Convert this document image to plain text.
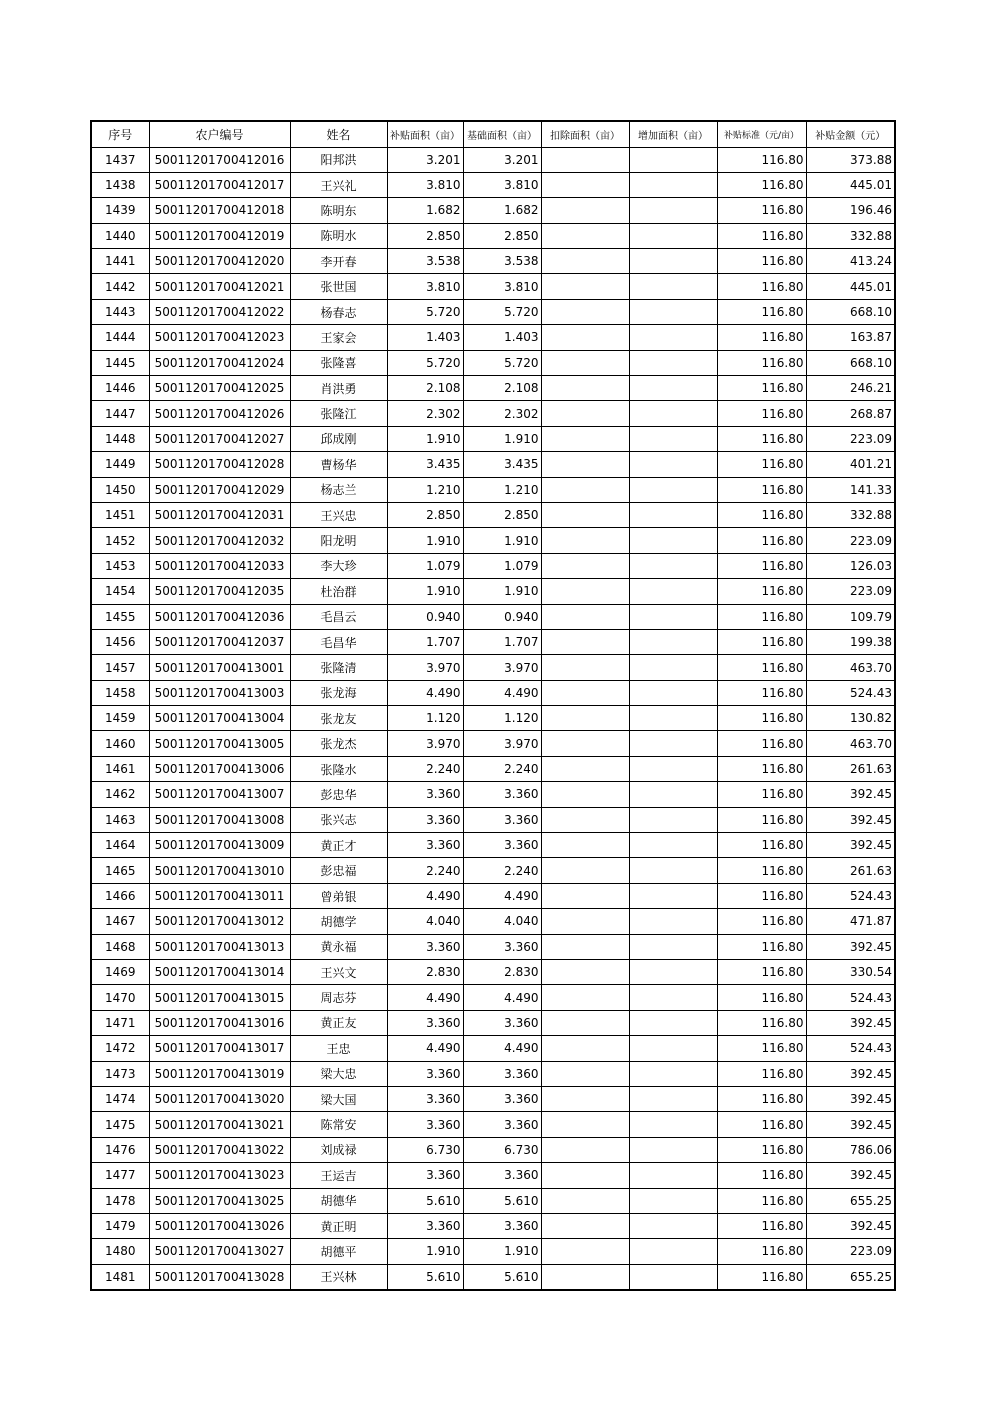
序号	农户编号	姓名	补贴面积（亩）	基础面积（亩）	扣除面积（亩）	增加面积（亩）	补贴标准（元/亩）	补贴金额（元）
1437	50011201700412016	阳邦洪	3.201	3.201			116.80	373.88
1438	50011201700412017	王兴礼	3.810	3.810			116.80	445.01
1439	50011201700412018	陈明东	1.682	1.682			116.80	196.46
1440	50011201700412019	陈明水	2.850	2.850			116.80	332.88
1441	50011201700412020	李开春	3.538	3.538			116.80	413.24
1442	50011201700412021	张世国	3.810	3.810			116.80	445.01
1443	50011201700412022	杨春志	5.720	5.720			116.80	668.10
1444	50011201700412023	王家会	1.403	1.403			116.80	163.87
1445	50011201700412024	张隆喜	5.720	5.720			116.80	668.10
1446	50011201700412025	肖洪勇	2.108	2.108			116.80	246.21
1447	50011201700412026	张隆江	2.302	2.302			116.80	268.87
1448	50011201700412027	邱成刚	1.910	1.910			116.80	223.09
1449	50011201700412028	曹杨华	3.435	3.435			116.80	401.21
1450	50011201700412029	杨志兰	1.210	1.210			116.80	141.33
1451	50011201700412031	王兴忠	2.850	2.850			116.80	332.88
1452	50011201700412032	阳龙明	1.910	1.910			116.80	223.09
1453	50011201700412033	李大珍	1.079	1.079			116.80	126.03
1454	50011201700412035	杜治群	1.910	1.910			116.80	223.09
1455	50011201700412036	毛昌云	0.940	0.940			116.80	109.79
1456	50011201700412037	毛昌华	1.707	1.707			116.80	199.38
1457	50011201700413001	张隆清	3.970	3.970			116.80	463.70
1458	50011201700413003	张龙海	4.490	4.490			116.80	524.43
1459	50011201700413004	张龙友	1.120	1.120			116.80	130.82
1460	50011201700413005	张龙杰	3.970	3.970			116.80	463.70
1461	50011201700413006	张隆水	2.240	2.240			116.80	261.63
1462	50011201700413007	彭忠华	3.360	3.360			116.80	392.45
1463	50011201700413008	张兴志	3.360	3.360			116.80	392.45
1464	50011201700413009	黄正才	3.360	3.360			116.80	392.45
1465	50011201700413010	彭忠福	2.240	2.240			116.80	261.63
1466	50011201700413011	曾弟银	4.490	4.490			116.80	524.43
1467	50011201700413012	胡德学	4.040	4.040			116.80	471.87
1468	50011201700413013	黄永福	3.360	3.360			116.80	392.45
1469	50011201700413014	王兴文	2.830	2.830			116.80	330.54
1470	50011201700413015	周志芬	4.490	4.490			116.80	524.43
1471	50011201700413016	黄正友	3.360	3.360			116.80	392.45
1472	50011201700413017	王忠	4.490	4.490			116.80	524.43
1473	50011201700413019	梁大忠	3.360	3.360			116.80	392.45
1474	50011201700413020	梁大国	3.360	3.360			116.80	392.45
1475	50011201700413021	陈常安	3.360	3.360			116.80	392.45
1476	50011201700413022	刘成禄	6.730	6.730			116.80	786.06
1477	50011201700413023	王运吉	3.360	3.360			116.80	392.45
1478	50011201700413025	胡德华	5.610	5.610			116.80	655.25
1479	50011201700413026	黄正明	3.360	3.360			116.80	392.45
1480	50011201700413027	胡德平	1.910	1.910			116.80	223.09
1481	50011201700413028	王兴林	5.610	5.610			116.80	655.25
